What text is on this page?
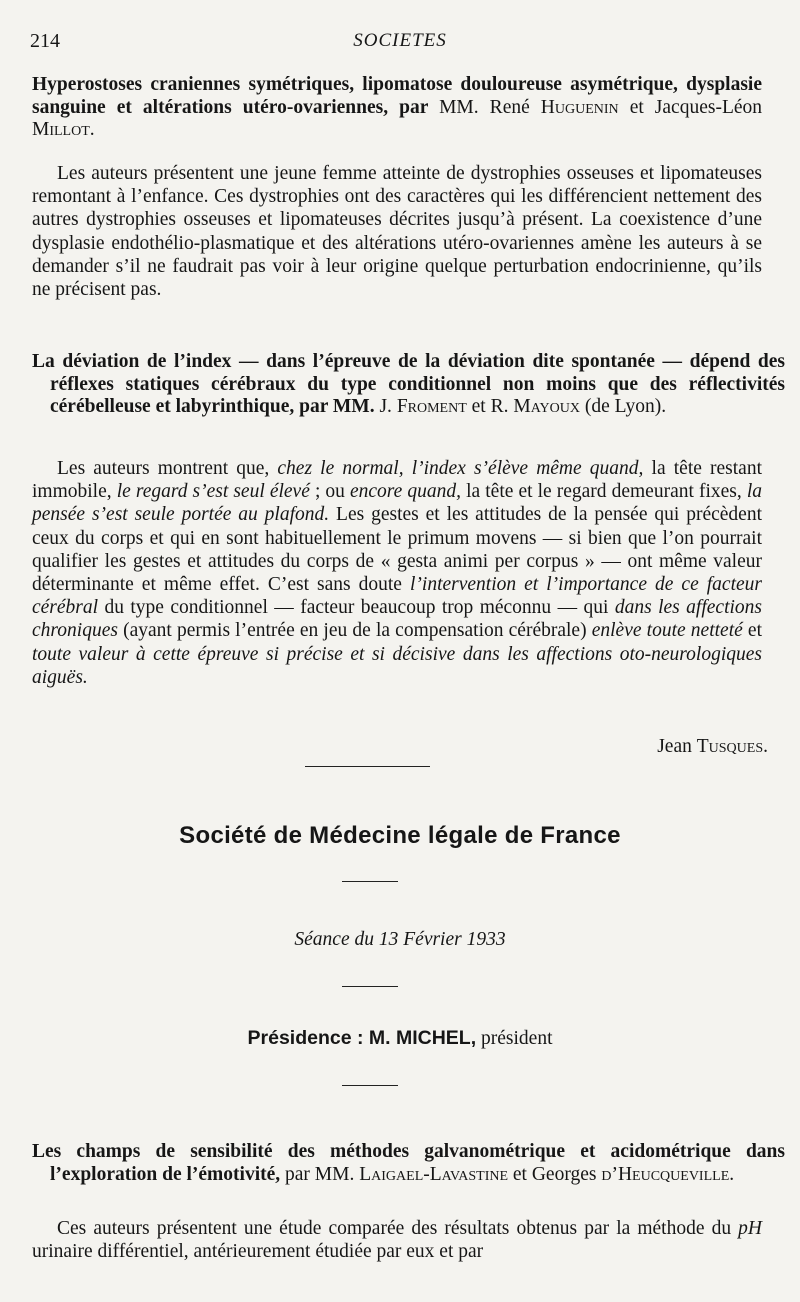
214	SOCIETES
Hyperostoses craniennes symétriques, lipomatose douloureuse asymétrique, dysplasie sanguine et altérations utéro-ovariennes, par MM. René Huguenin et Jacques-Léon Millot.

Les auteurs présentent une jeune femme atteinte de dystrophies osseuses et lipomateuses remontant à l’enfance. Ces dystrophies ont des caractères qui les différencient nettement des autres dystrophies osseuses et lipomateuses décrites jusqu’à présent. La coexistence d’une dysplasie endothélio-plasmatique et des altérations utéro-ovariennes amène les auteurs à se demander s’il ne faudrait pas voir à leur origine quelque perturbation endocrinienne, qu’ils ne précisent pas.

La déviation de l’index — dans l’épreuve de la déviation dite spontanée — dépend des réflexes statiques cérébraux du type conditionnel non moins que des réflectivités cérébelleuse et labyrinthique, par MM. J. Froment et R. Mayoux (de Lyon).

Les auteurs montrent que, chez le normal, l’index s’élève même quand, la tête restant immobile, le regard s’est seul élevé ; ou encore quand, la tête et le regard demeurant fixes, la pensée s’est seule portée au plafond. Les gestes et les attitudes de la pensée qui précèdent ceux du corps et qui en sont habituellement le primum movens — si bien que l’on pourrait qualifier les gestes et attitudes du corps de « gesta animi per corpus » — ont même valeur déterminante et même effet. C’est sans doute l’intervention et l’importance de ce facteur cérébral du type conditionnel — facteur beaucoup trop méconnu — qui dans les affections chroniques (ayant permis l’entrée en jeu de la compensation cérébrale) enlève toute netteté et toute valeur à cette épreuve si précise et si décisive dans les affections oto-neurologiques aiguës.

Jean Tusques.
Société de Médecine légale de France
Séance du 13 Février 1933
Présidence : M. MICHEL, président
Les champs de sensibilité des méthodes galvanométrique et acidométrique dans l’exploration de l’émotivité, par MM. Laigael-Lavastine et Georges d’Heucqueville.

Ces auteurs présentent une étude comparée des résultats obtenus par la méthode du pH urinaire différentiel, antérieurement étudiée par eux et par
